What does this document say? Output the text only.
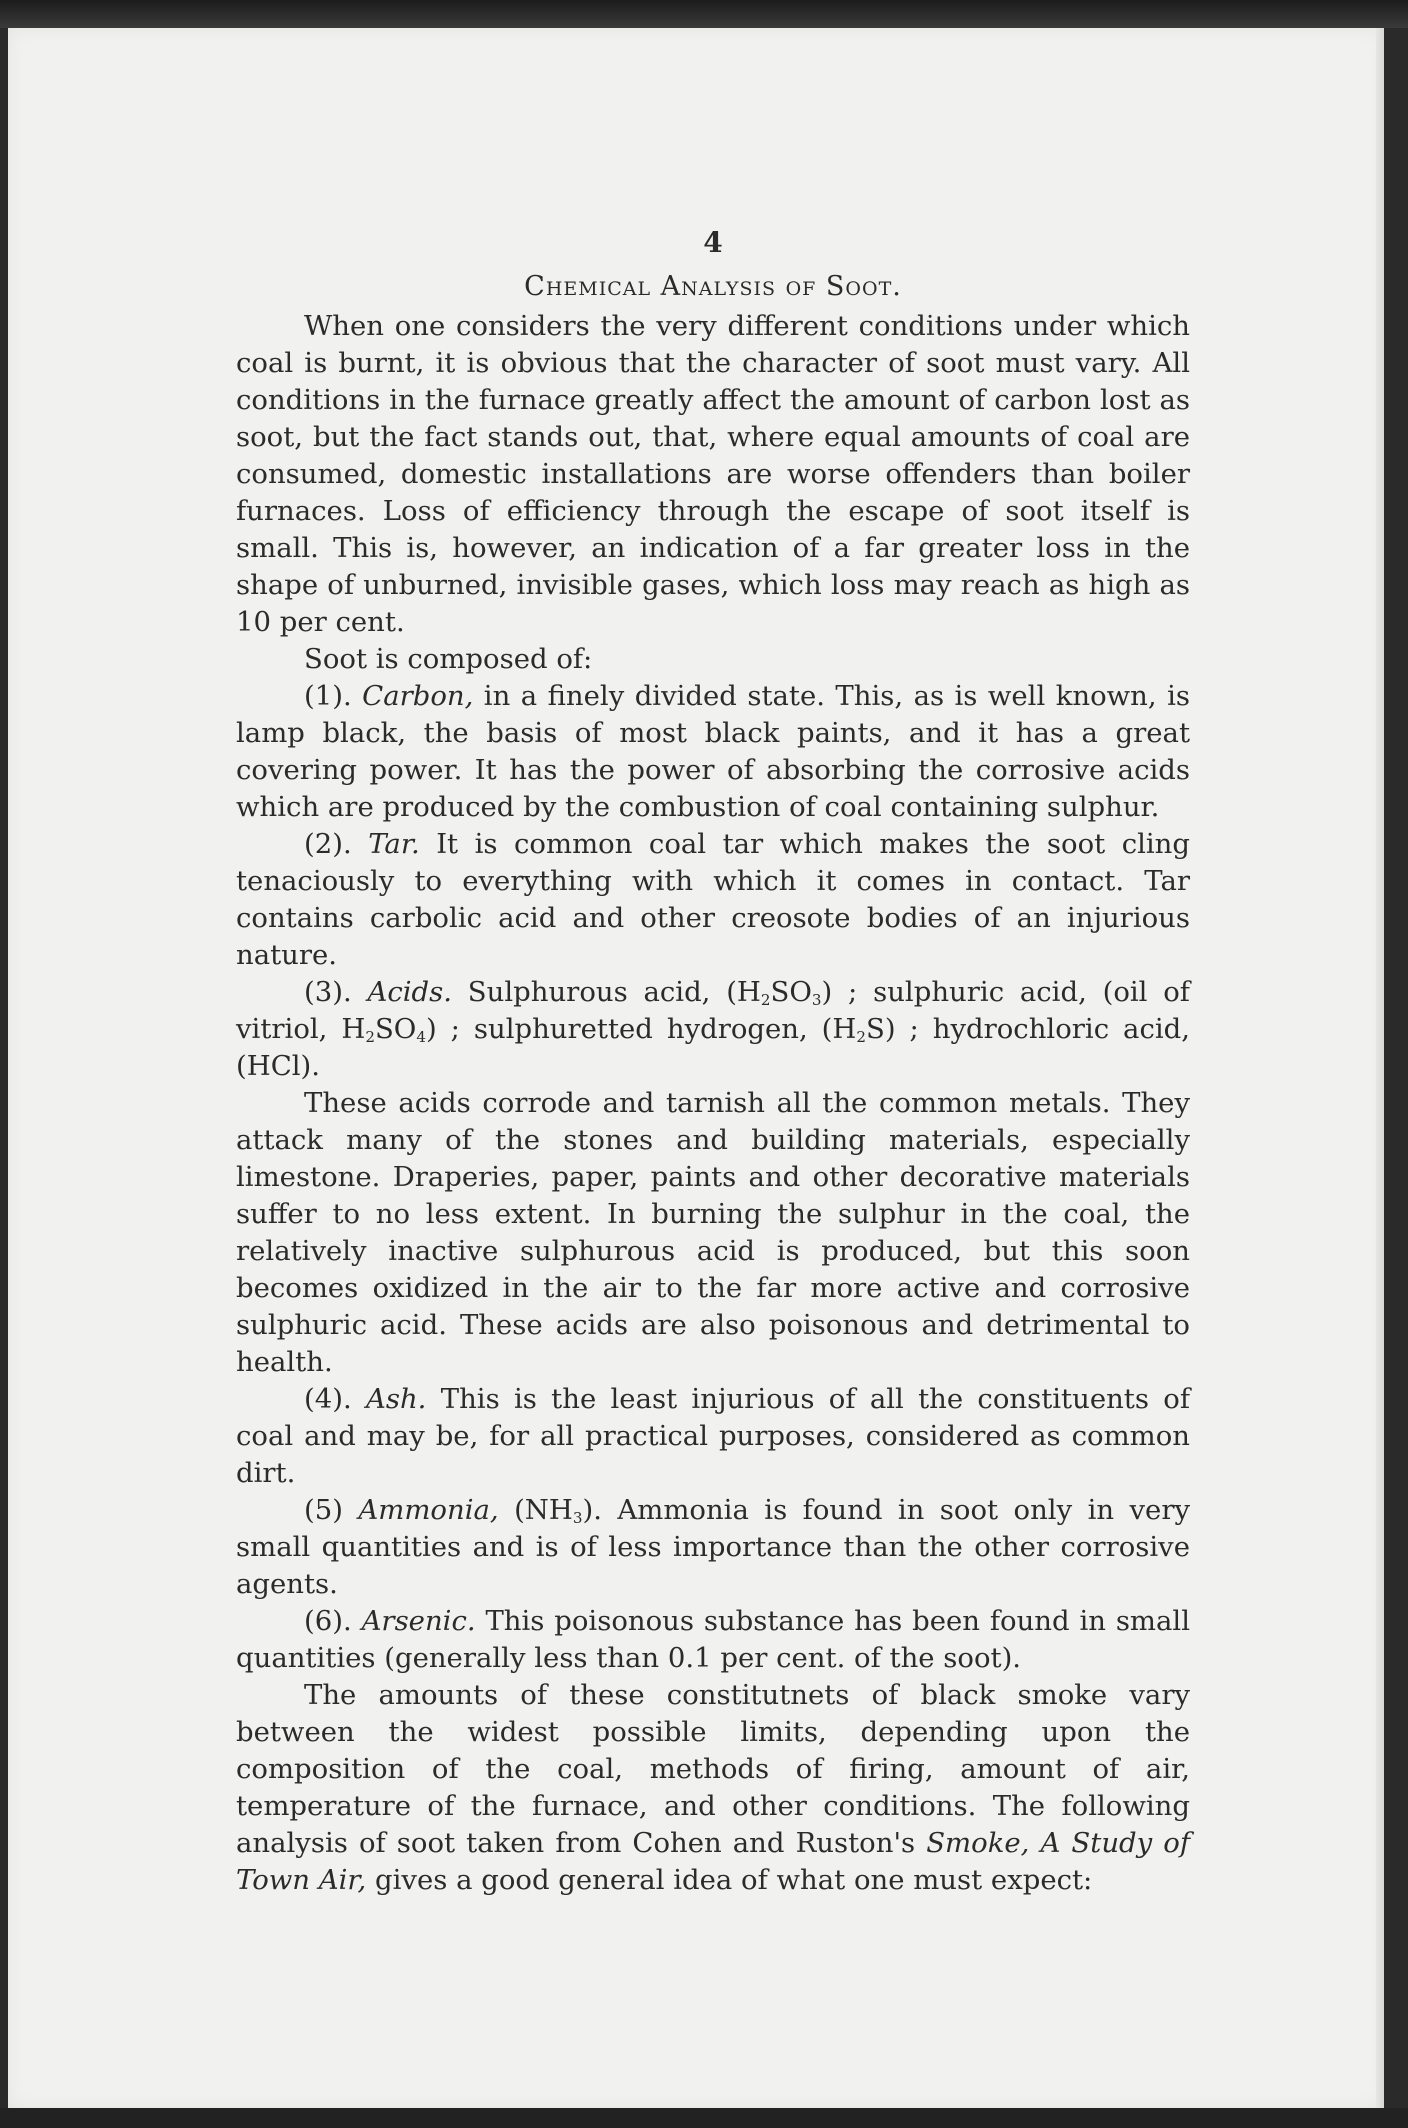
4
Chemical Analysis of Soot.

When one considers the very different conditions under which coal is burnt, it is obvious that the character of soot must vary. All conditions in the furnace greatly affect the amount of carbon lost as soot, but the fact stands out, that, where equal amounts of coal are consumed, domestic installations are worse offenders than boiler furnaces. Loss of efficiency through the escape of soot itself is small. This is, however, an indication of a far greater loss in the shape of unburned, invisible gases, which loss may reach as high as 10 per cent.

Soot is composed of:

(1). Carbon, in a finely divided state. This, as is well known, is lamp black, the basis of most black paints, and it has a great covering power. It has the power of absorbing the corrosive acids which are produced by the combustion of coal containing sulphur.

(2). Tar. It is common coal tar which makes the soot cling tenaciously to everything with which it comes in contact. Tar contains carbolic acid and other creosote bodies of an injurious nature.

(3). Acids. Sulphurous acid, $(H_2SO_3)$ ; sulphuric acid, (oil of vitriol, $H_2SO_4$) ; sulphuretted hydrogen, $(H_2S)$ ; hydrochloric acid, (HCl).

These acids corrode and tarnish all the common metals. They attack many of the stones and building materials, especially limestone. Draperies, paper, paints and other decorative materials suffer to no less extent. In burning the sulphur in the coal, the relatively inactive sulphurous acid is produced, but this soon becomes oxidized in the air to the far more active and corrosive sulphuric acid. These acids are also poisonous and detrimental to health.

(4). Ash. This is the least injurious of all the constituents of coal and may be, for all practical purposes, considered as common dirt.

(5) Ammonia, $(NH_3)$. Ammonia is found in soot only in very small quantities and is of less importance than the other corrosive agents.

(6). Arsenic. This poisonous substance has been found in small quantities (generally less than 0.1 per cent. of the soot).

The amounts of these constitutnets of black smoke vary between the widest possible limits, depending upon the composition of the coal, methods of firing, amount of air, temperature of the furnace, and other conditions. The following analysis of soot taken from Cohen and Ruston's Smoke, A Study of Town Air, gives a good general idea of what one must expect:
